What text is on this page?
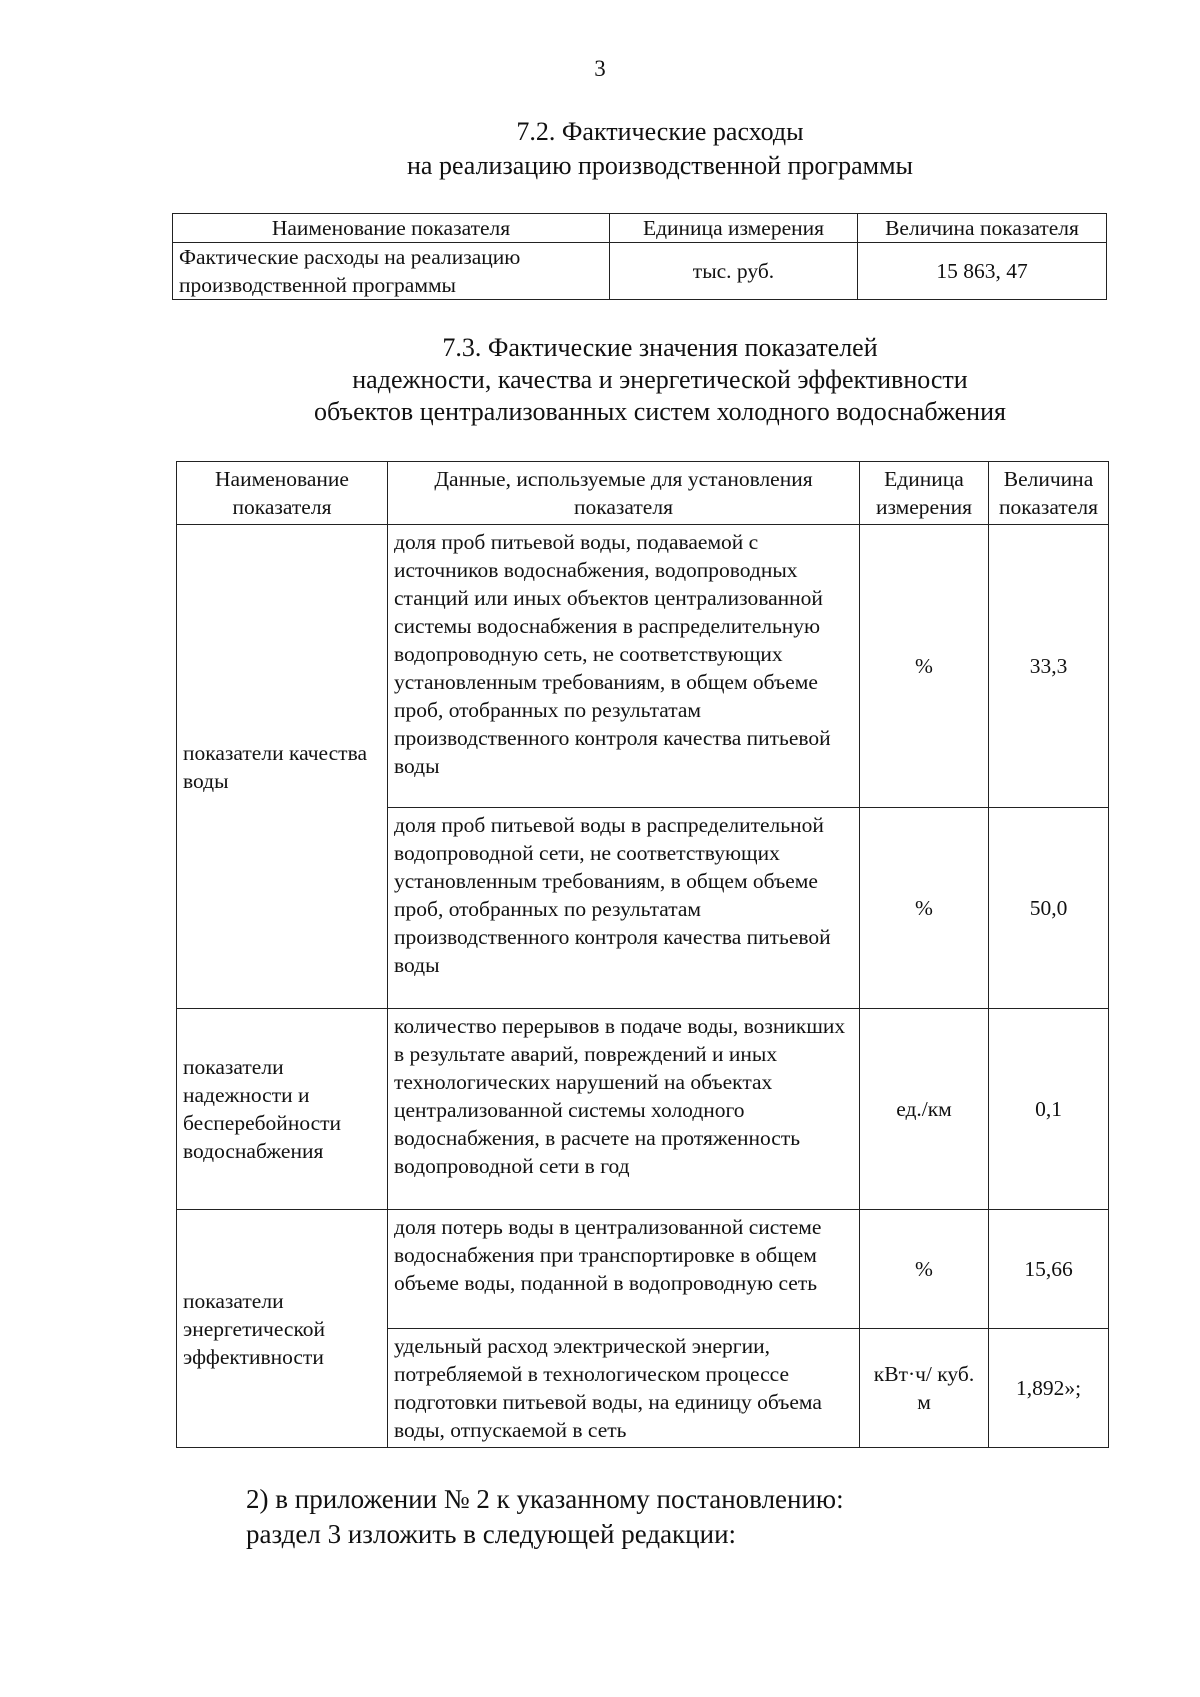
3
7.2. Фактические расходы
на реализацию производственной программы
Наименование показателя	Единица измерения	Величина показателя
Фактические расходы на реализацию производственной программы	тыс. руб.	15 863, 47
7.3. Фактические значения показателей
надежности, качества и энергетической эффективности
объектов централизованных систем холодного водоснабжения
Наименование показателя	Данные, используемые для установления показателя	Единица измерения	Величина показателя
показатели качества воды	доля проб питьевой воды, подаваемой с источников водоснабжения, водопроводных станций или иных объектов централизованной системы водоснабжения в распределительную водопроводную сеть, не соответствующих установленным требованиям, в общем объеме проб, отобранных по результатам производственного контроля качества питьевой воды	%	33,3
	доля проб питьевой воды в распределительной водопроводной сети, не соответствующих установленным требованиям, в общем объеме проб, отобранных по результатам производственного контроля качества питьевой воды	%	50,0
показатели надежности и бесперебойности водоснабжения	количество перерывов в подаче воды, возникших в результате аварий, повреждений и иных технологических нарушений на объектах централизованной системы холодного водоснабжения, в расчете на протяженность водопроводной сети в год	ед./км	0,1
показатели энергетической эффективности	доля потерь воды в централизованной системе водоснабжения при транспортировке в общем объеме воды, поданной в водопроводную сеть	%	15,66
	удельный расход электрической энергии, потребляемой в технологическом процессе подготовки питьевой воды, на единицу объема воды, отпускаемой в сеть	кВт·ч/ куб. м	1,892»;
2) в приложении № 2 к указанному постановлению:
раздел 3 изложить в следующей редакции:
